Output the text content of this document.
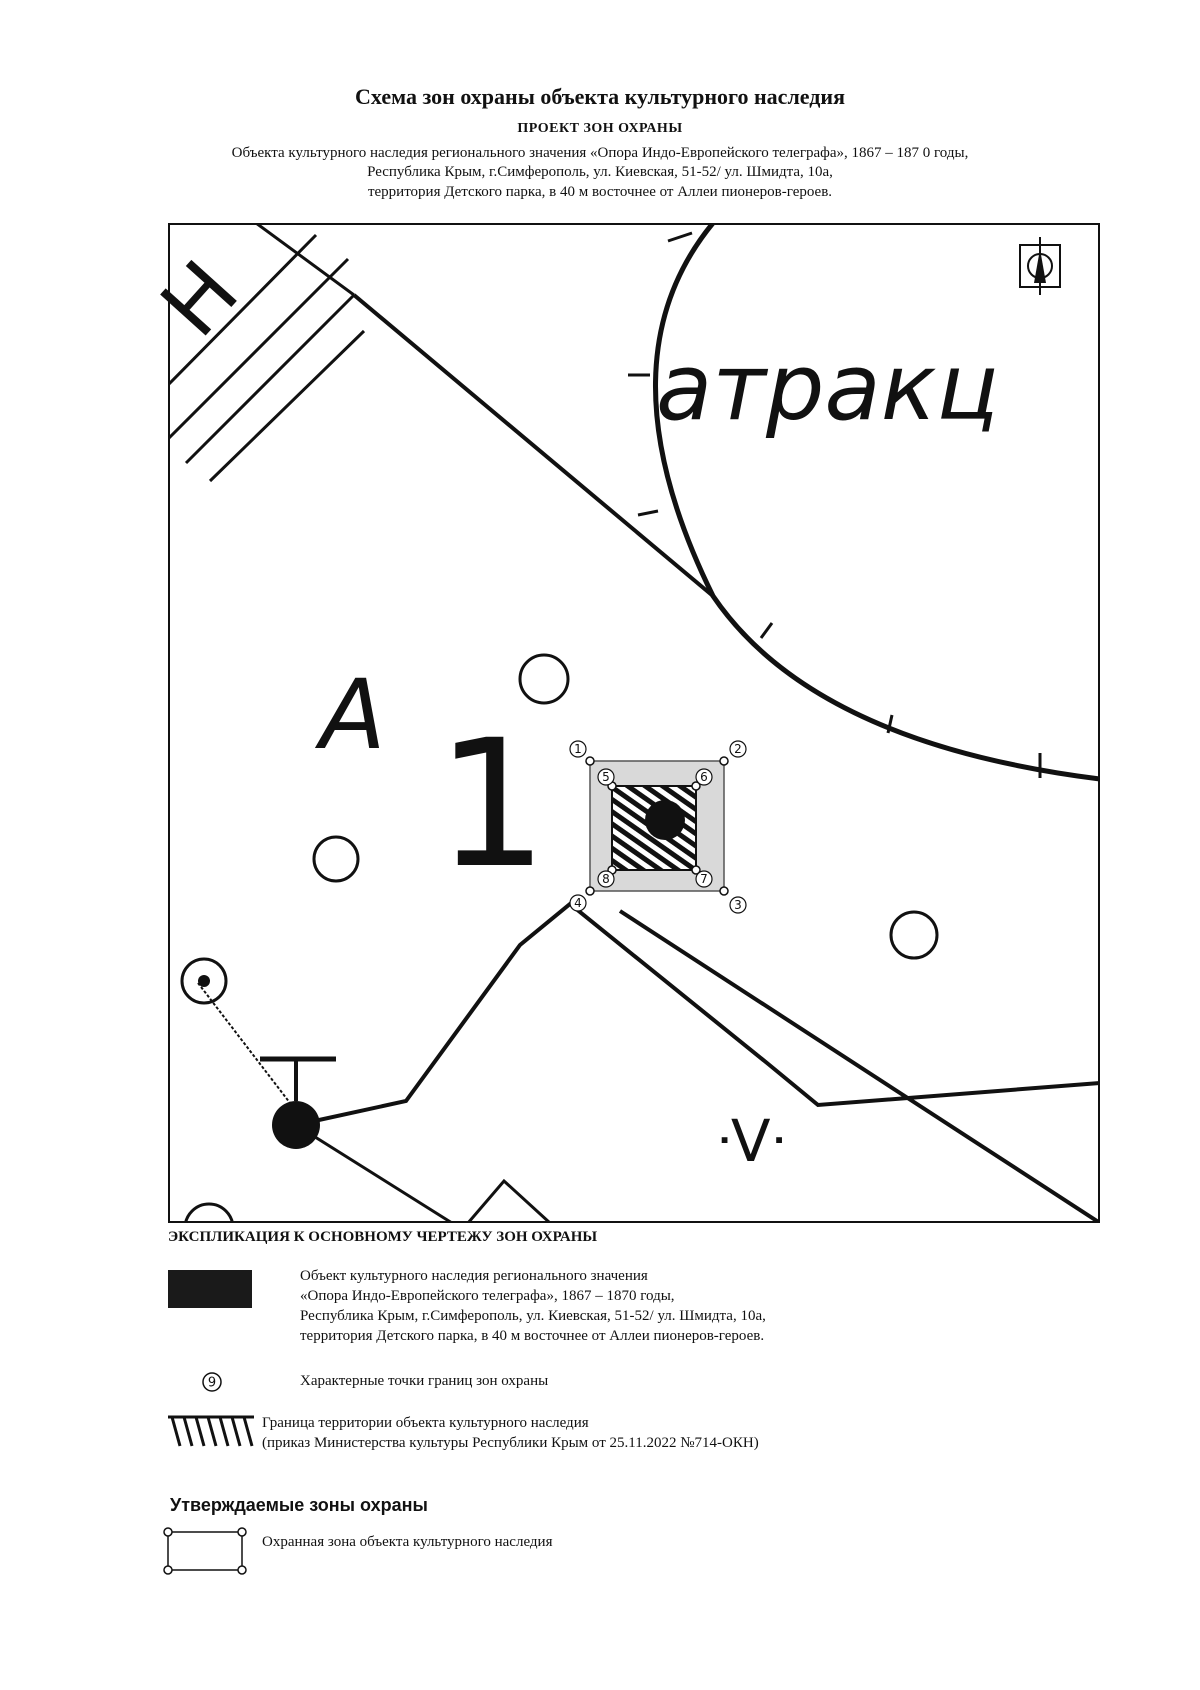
Схема зон охраны объекта культурного наследия
ПРОЕКТ ЗОН ОХРАНЫ
Объекта культурного наследия регионального значения «Опора Индо-Европейского телеграфа», 1867 – 187 0 годы,
Республика Крым, г.Симферополь, ул. Киевская, 51-52/ ул. Шмидта, 10а,
территория Детского парка, в 40 м восточнее от Аллеи пионеров-героев.
атракц
А 1
Н
ᐧVᐧ
1	2
3
4
5	6
7
8
ЭКСПЛИКАЦИЯ К ОСНОВНОМУ ЧЕРТЕЖУ ЗОН ОХРАНЫ
Объект культурного наследия регионального значения
«Опора Индо-Европейского телеграфа», 1867 – 1870 годы,
Республика Крым, г.Симферополь, ул. Киевская, 51-52/ ул. Шмидта, 10а,
территория Детского парка, в 40 м восточнее от Аллеи пионеров-героев.
9	Характерные точки границ зон охраны
Граница территории объекта культурного наследия
(приказ Министерства культуры Республики Крым от 25.11.2022 №714-ОКН)
Утверждаемые зоны охраны
Охранная зона объекта культурного наследия
